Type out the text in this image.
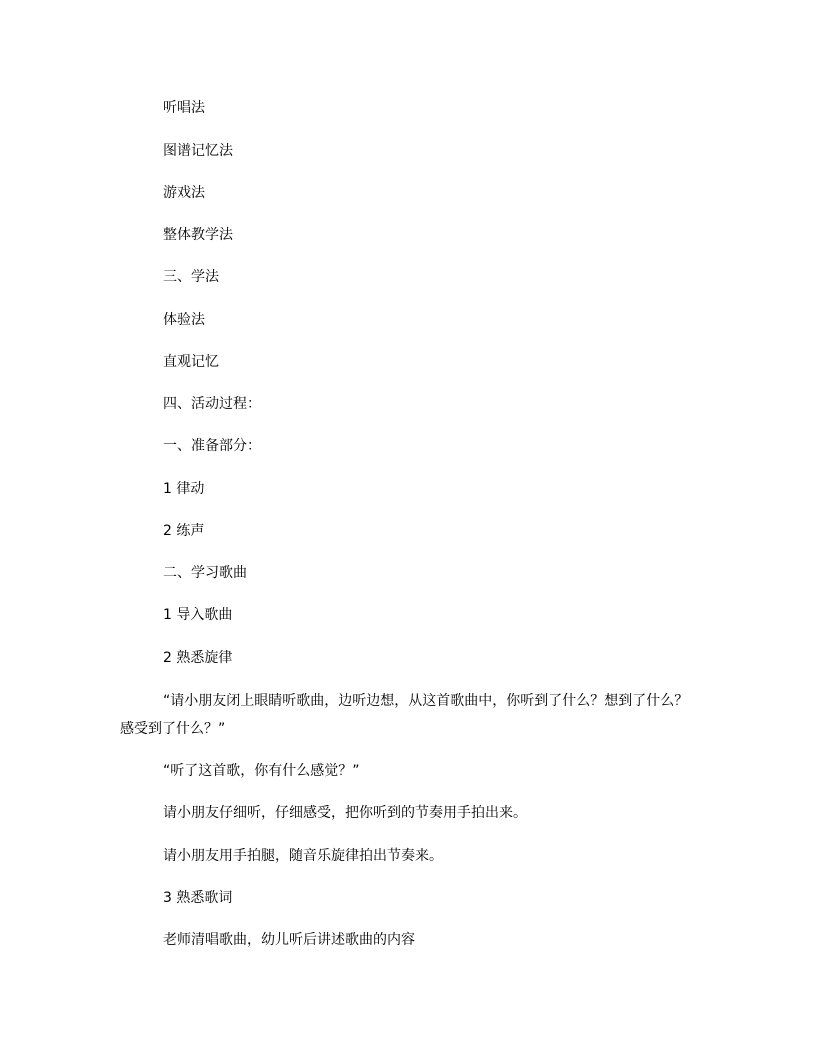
听唱法
图谱记忆法
游戏法
整体教学法
三、学法
体验法
直观记忆
四、活动过程：
一、准备部分：
1 律动
2 练声
二、学习歌曲
1 导入歌曲
2 熟悉旋律
“请小朋友闭上眼睛听歌曲，边听边想，从这首歌曲中，你听到了什么？想到了什么？感受到了什么？”
“听了这首歌，你有什么感觉？”
请小朋友仔细听，仔细感受，把你听到的节奏用手拍出来。
请小朋友用手拍腿，随音乐旋律拍出节奏来。
3 熟悉歌词
老师清唱歌曲，幼儿听后讲述歌曲的内容
